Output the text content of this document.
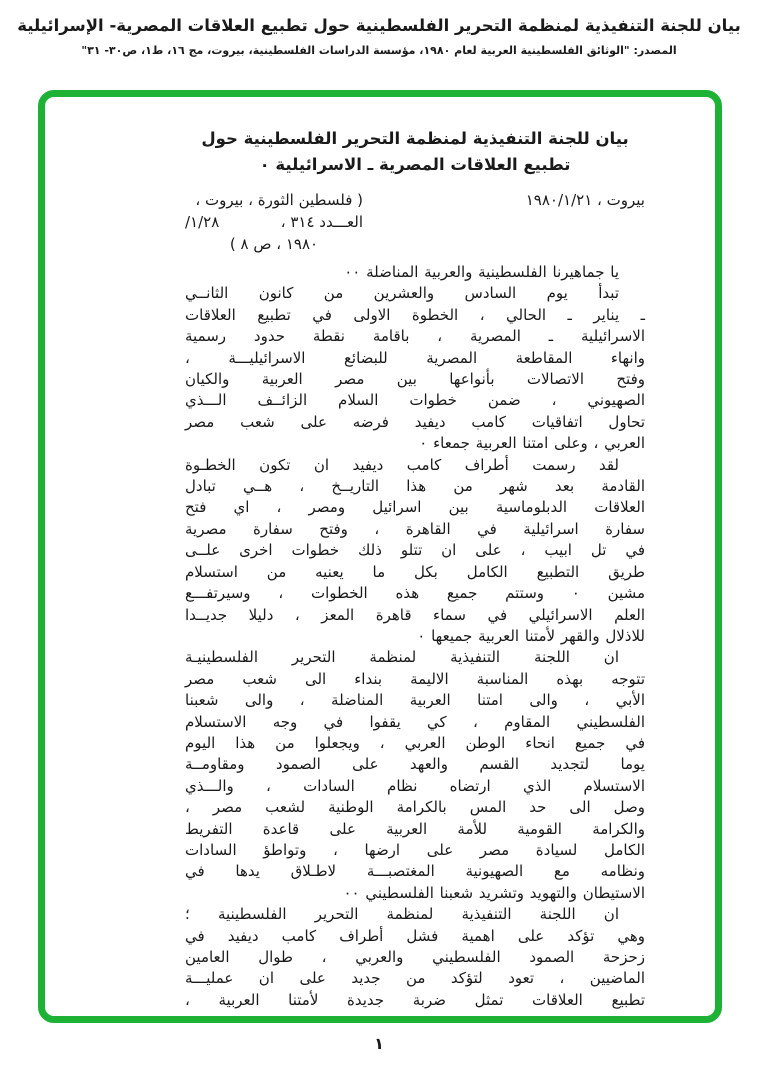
بيان للجنة التنفيذية لمنظمة التحرير الفلسطينية حول تطبيع العلاقات المصرية- الإسرائيلية
المصدر: "الوثائق الفلسطينية العربية لعام ١٩٨٠، مؤسسة الدراسات الفلسطينية، بيروت، مج ١٦، ط١، ص٣٠- ٣١"
بيان للجنة التنفيذية لمنظمة التحرير الفلسطينية حول
تطبيع العلاقات المصرية ـ الاسرائيلية ٠
بيروت ، ١٩٨٠/١/٢١
( فلسطين الثورة ، بيروت ،
العـــدد ٣١٤ ،
/١/٢٨
١٩٨٠ ، ص ٨ )
يا جماهيرنا الفلسطينية والعربية المناضلة ٠٠
تبدأ يوم السادس والعشرين من كانون الثانــي
ـ يناير ـ الحالي ، الخطوة الاولى في تطبيع العلاقات
الاسرائيلية ـ المصرية ، باقامة نقطة حدود رسمية
وانهاء المقاطعة المصرية للبضائع الاسرائيليـــة ،
وفتح الاتصالات بأنواعها بين مصر العربية والكيان
الصهيوني ، ضمن خطوات السلام الزائــف الـــذي
تحاول اتفاقيات كامب ديفيد فرضه على شعب مصر
العربي ، وعلى امتنا العربية جمعاء ٠
لقد رسمت أطراف كامب ديفيد ان تكون الخطـوة
القادمة بعد شهر من هذا التاريــخ ، هــي تبادل
العلاقات الدبلوماسية بين اسرائيل ومصر ، اي فتح
سفارة اسرائيلية في القاهرة ، وفتح سفارة مصرية
في تل ابيب ، على ان تتلو ذلك خطوات اخرى علــى
طريق التطبيع الكامل بكل ما يعنيه من استسلام
مشين ٠ وستتم جميع هذه الخطوات ، وسيرتفـــع
العلم الاسرائيلي في سماء قاهرة المعز ، دليلا جديــدا
للاذلال والقهر لأمتنا العربية جميعها ٠
ان اللجنة التنفيذية لمنظمة التحرير الفلسطينيـة
تتوجه بهذه المناسبة الاليمة بنداء الى شعب مصر
الأبي ، والى امتنا العربية المناضلة ، والى شعبنا
الفلسطيني المقاوم ، كي يقفوا في وجه الاستسلام
في جميع انحاء الوطن العربي ، ويجعلوا من هذا اليوم
يوما لتجديد القسم والعهد على الصمود ومقاومــة
الاستسلام الذي ارتضاه نظام السادات ، والـــذي
وصل الى حد المس بالكرامة الوطنية لشعب مصر ،
والكرامة القومية للأمة العربية على قاعدة التفريط
الكامل لسيادة مصر على ارضها ، وتواطؤ السادات
ونظامه مع الصهيونية المغتصبـــة لاطـلاق يدها في
الاستيطان والتهويد وتشريد شعبنا الفلسطيني ٠٠
ان اللجنة التنفيذية لمنظمة التحرير الفلسطينية ؛
وهي تؤكد على اهمية فشل أطراف كامب ديفيد في
زحزحة الصمود الفلسطيني والعربي ، طوال العامين
الماضيين ، تعود لتؤكد من جديد على ان عمليـــة
تطبيع العلاقات تمثل ضربة جديدة لأمتنا العربية ،
١
